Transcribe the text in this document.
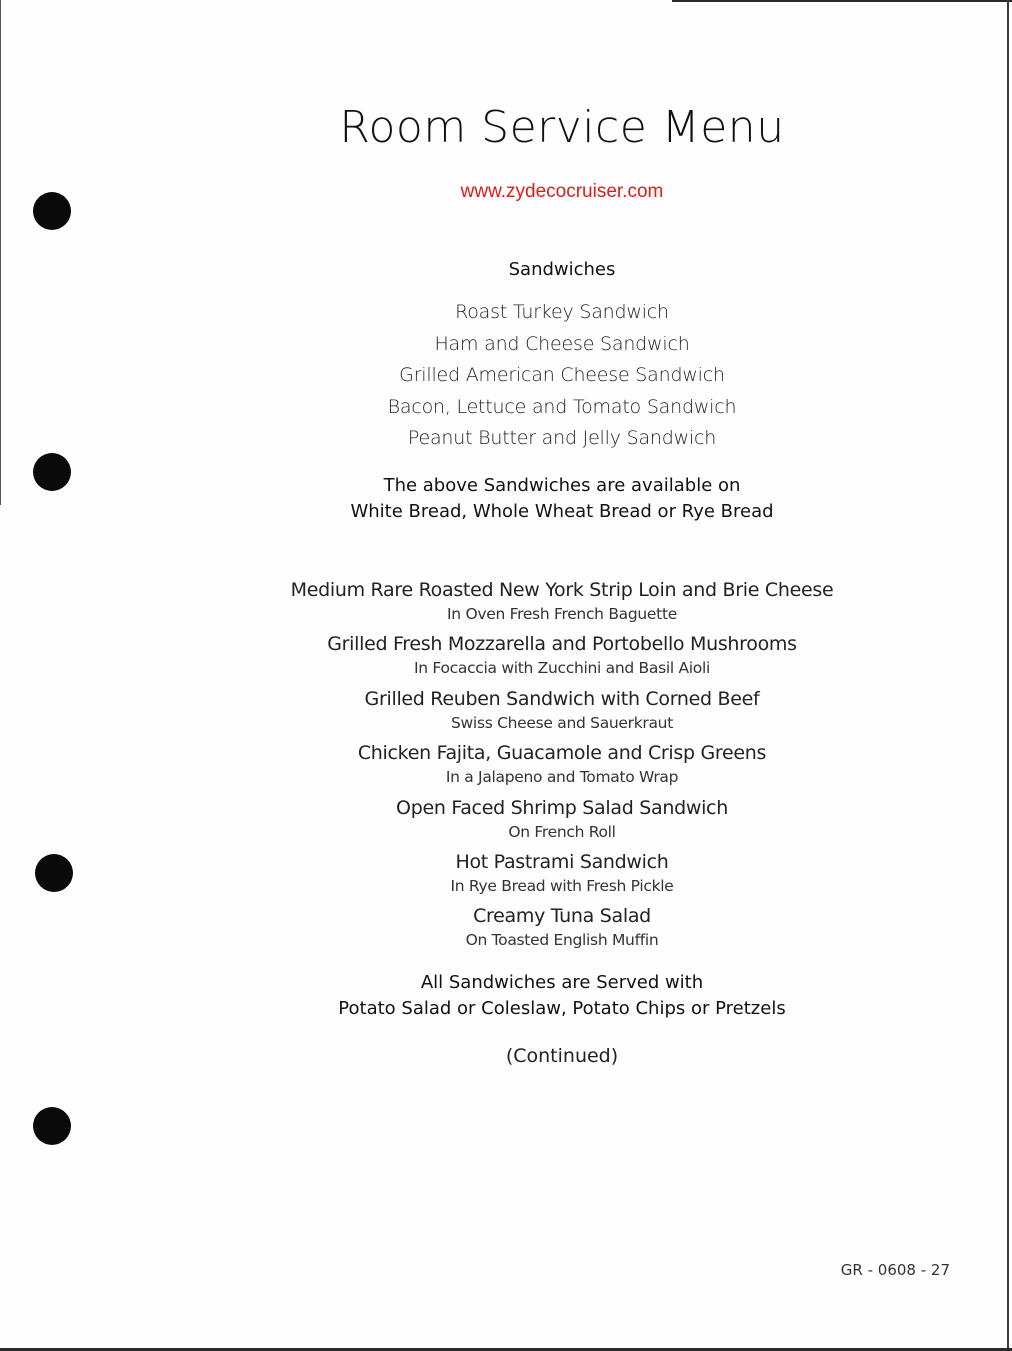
Room Service Menu
www.zydecocruiser.com
Sandwiches
Roast Turkey Sandwich
Ham and Cheese Sandwich
Grilled American Cheese Sandwich
Bacon, Lettuce and Tomato Sandwich
Peanut Butter and Jelly Sandwich
The above Sandwiches are available on
White Bread, Whole Wheat Bread or Rye Bread
Medium Rare Roasted New York Strip Loin and Brie Cheese
In Oven Fresh French Baguette
Grilled Fresh Mozzarella and Portobello Mushrooms
In Focaccia with Zucchini and Basil Aioli
Grilled Reuben Sandwich with Corned Beef
Swiss Cheese and Sauerkraut
Chicken Fajita, Guacamole and Crisp Greens
In a Jalapeno and Tomato Wrap
Open Faced Shrimp Salad Sandwich
On French Roll
Hot Pastrami Sandwich
In Rye Bread with Fresh Pickle
Creamy Tuna Salad
On Toasted English Muffin
All Sandwiches are Served with
Potato Salad or Coleslaw, Potato Chips or Pretzels
(Continued)
GR - 0608 - 27
